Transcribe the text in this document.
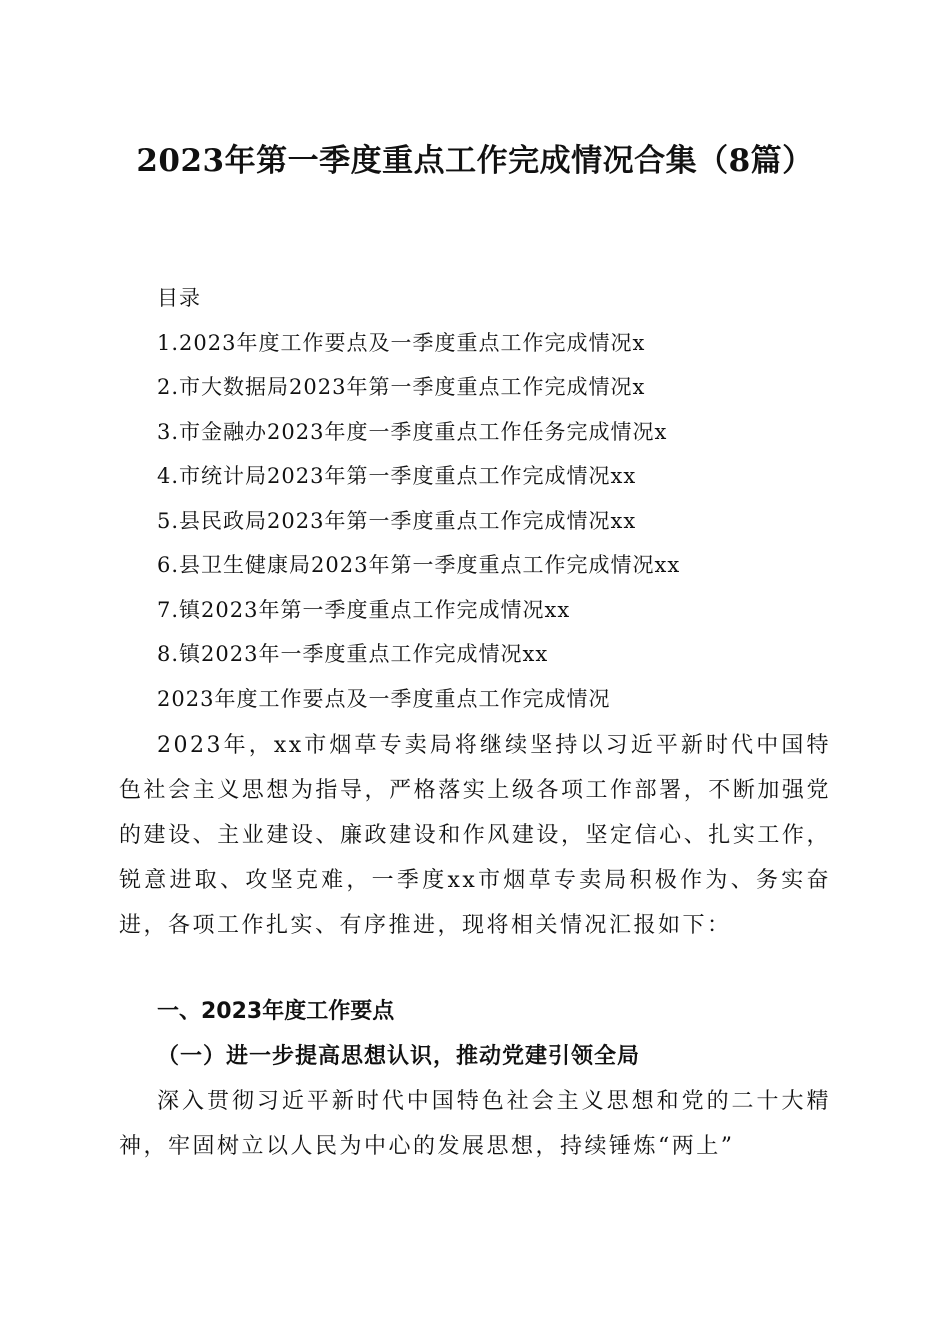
2023年第一季度重点工作完成情况合集（8篇）
目录
1.2023年度工作要点及一季度重点工作完成情况x
2.市大数据局2023年第一季度重点工作完成情况x
3.市金融办2023年度一季度重点工作任务完成情况x
4.市统计局2023年第一季度重点工作完成情况xx
5.县民政局2023年第一季度重点工作完成情况xx
6.县卫生健康局2023年第一季度重点工作完成情况xx
7.镇2023年第一季度重点工作完成情况xx
8.镇2023年一季度重点工作完成情况xx
2023年度工作要点及一季度重点工作完成情况

2023年，xx市烟草专卖局将继续坚持以习近平新时代中国特色社会主义思想为指导，严格落实上级各项工作部署，不断加强党的建设、主业建设、廉政建设和作风建设，坚定信心、扎实工作，锐意进取、攻坚克难，一季度xx市烟草专卖局积极作为、务实奋进，各项工作扎实、有序推进，现将相关情况汇报如下：

一、2023年度工作要点
（一）进一步提高思想认识，推动党建引领全局

深入贯彻习近平新时代中国特色社会主义思想和党的二十大精神，牢固树立以人民为中心的发展思想，持续锤炼“两上”
